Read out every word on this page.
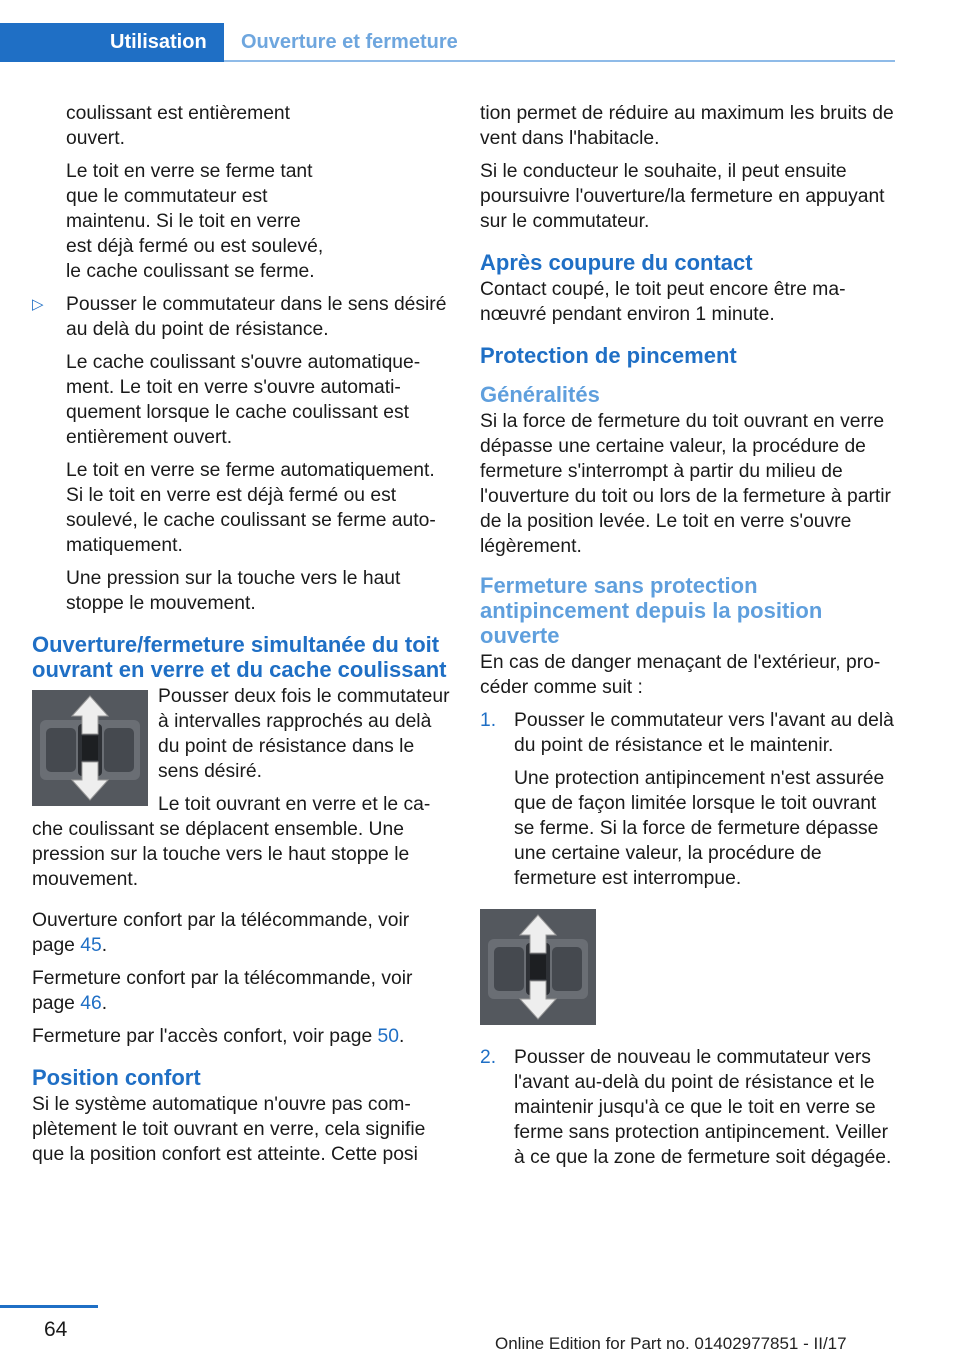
Utilisation	Ouverture et fermeture

coulissant est entièrement ouvert.

Le toit en verre se ferme tant que le commutateur est maintenu. Si le toit en verre est déjà fermé ou est soulevé, le cache coulissant se ferme.

▷ Pousser le commutateur dans le sens désiré au delà du point de résistance.

Le cache coulissant s'ouvre automatiquement. Le toit en verre s'ouvre automatiquement lorsque le cache coulissant est entièrement ouvert.

Le toit en verre se ferme automatiquement. Si le toit en verre est déjà fermé ou est soulevé, le cache coulissant se ferme automatiquement.

Une pression sur la touche vers le haut stoppe le mouvement.

Ouverture/fermeture simultanée du toit ouvrant en verre et du cache coulissant

Pousser deux fois le commutateur à intervalles rapprochés au delà du point de résistance dans le sens désiré.

Le toit ouvrant en verre et le cache coulissant se déplacent ensemble. Une pression sur la touche vers le haut stoppe le mouvement.

Ouverture confort par la télécommande, voir page 45.

Fermeture confort par la télécommande, voir page 46.

Fermeture par l'accès confort, voir page 50.

Position confort

Si le système automatique n'ouvre pas complètement le toit ouvrant en verre, cela signifie que la position confort est atteinte. Cette posi

tion permet de réduire au maximum les bruits de vent dans l'habitacle.

Si le conducteur le souhaite, il peut ensuite poursuivre l'ouverture/la fermeture en appuyant sur le commutateur.

Après coupure du contact

Contact coupé, le toit peut encore être manœuvré pendant environ 1 minute.

Protection de pincement
Généralités

Si la force de fermeture du toit ouvrant en verre dépasse une certaine valeur, la procédure de fermeture s'interrompt à partir du milieu de l'ouverture du toit ou lors de la fermeture à partir de la position levée. Le toit en verre s'ouvre légèrement.

Fermeture sans protection antipincement depuis la position ouverte

En cas de danger menaçant de l'extérieur, procéder comme suit :

1. Pousser le commutateur vers l'avant au delà du point de résistance et le maintenir.

Une protection antipincement n'est assurée que de façon limitée lorsque le toit ouvrant se ferme. Si la force de fermeture dépasse une certaine valeur, la procédure de fermeture est interrompue.

2. Pousser de nouveau le commutateur vers l'avant au-delà du point de résistance et le maintenir jusqu'à ce que le toit en verre se ferme sans protection antipincement. Veiller à ce que la zone de fermeture soit dégagée.

64
Online Edition for Part no. 01402977851 - II/17
